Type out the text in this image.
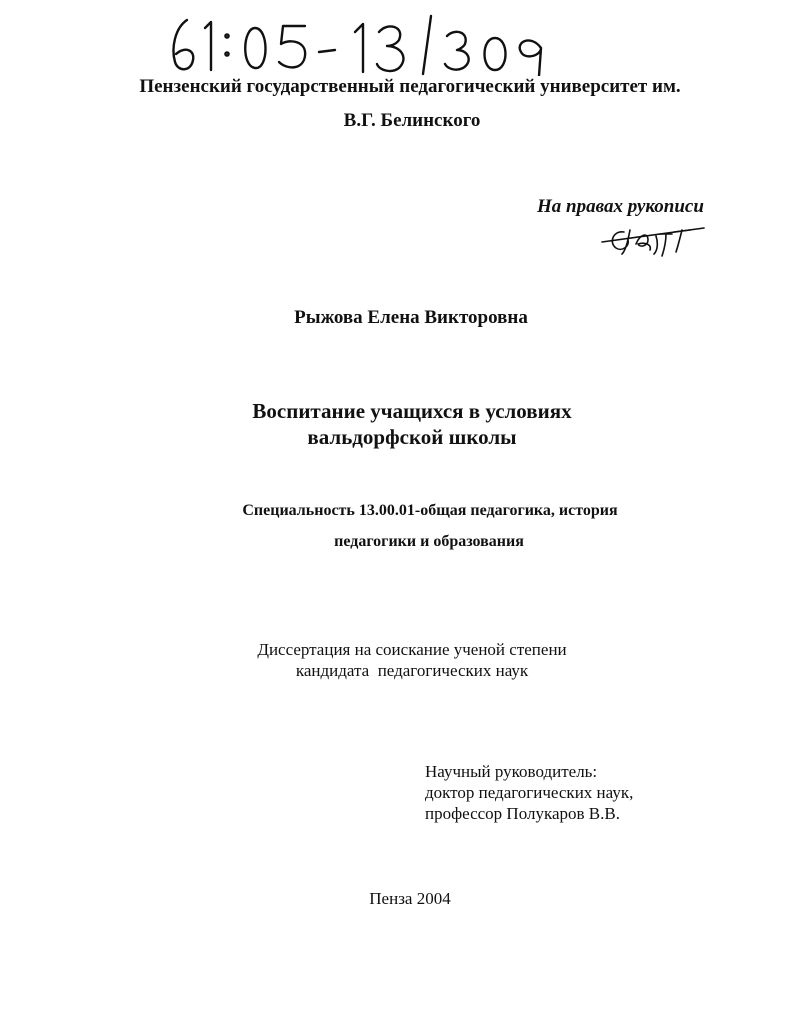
Пензенский государственный педагогический университет им.
В.Г. Белинского
На правах рукописи
Рыжова Елена Викторовна
Воспитание учащихся в условиях
вальдорфской школы
Специальность 13.00.01-общая педагогика, история
педагогики и образования
Диссертация на соискание ученой степени
кандидата  педагогических наук
Научный руководитель:
доктор педагогических наук,
профессор Полукаров В.В.
Пенза 2004
